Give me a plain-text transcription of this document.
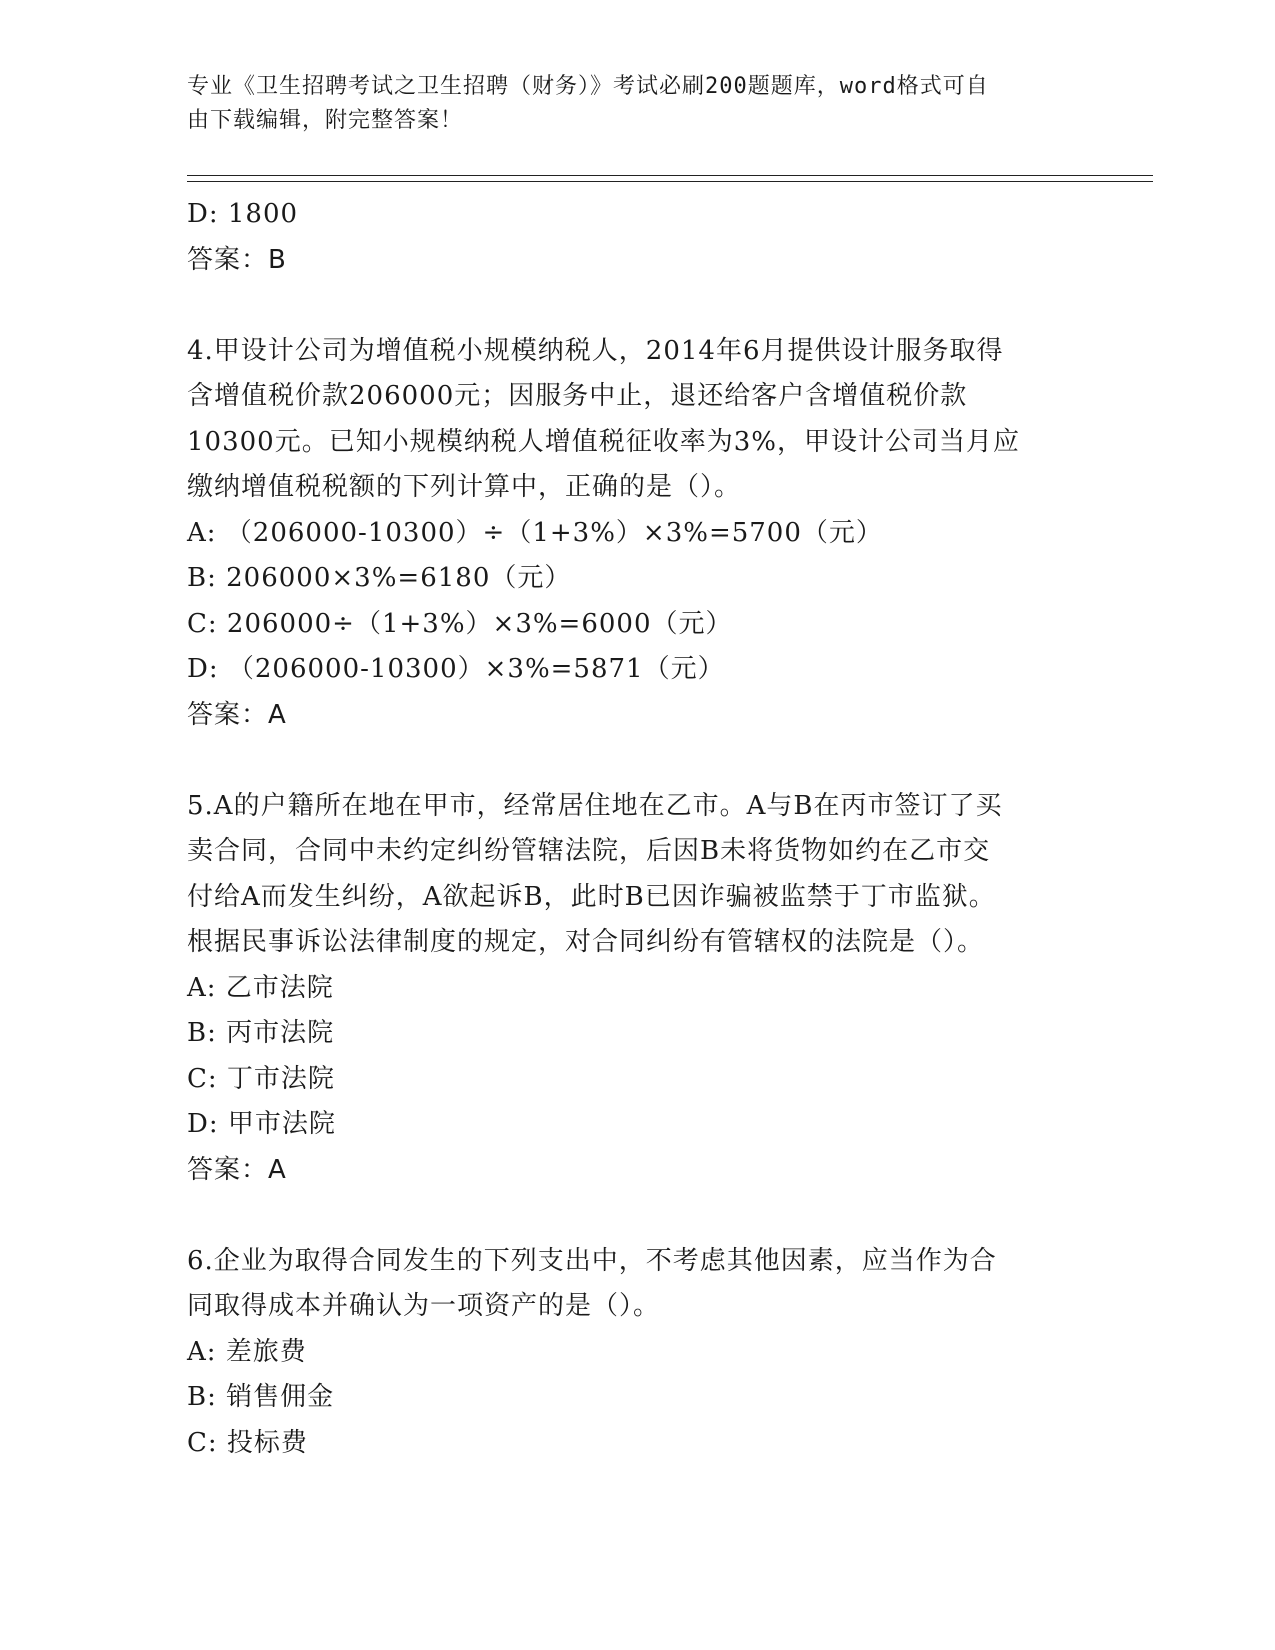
专业《卫生招聘考试之卫生招聘（财务）》考试必刷200题题库，word格式可自
由下载编辑，附完整答案！
D: 1800
答案：B
4.甲设计公司为增值税小规模纳税人，2014年6月提供设计服务取得
含增值税价款206000元；因服务中止，退还给客户含增值税价款
10300元。已知小规模纳税人增值税征收率为3%，甲设计公司当月应
缴纳增值税税额的下列计算中，正确的是（）。
A: （206000-10300）÷（1+3%）×3%=5700（元）
B: 206000×3%=6180（元）
C: 206000÷（1+3%）×3%=6000（元）
D: （206000-10300）×3%=5871（元）
答案：A
5.A的户籍所在地在甲市，经常居住地在乙市。A与B在丙市签订了买
卖合同，合同中未约定纠纷管辖法院，后因B未将货物如约在乙市交
付给A而发生纠纷，A欲起诉B，此时B已因诈骗被监禁于丁市监狱。
根据民事诉讼法律制度的规定，对合同纠纷有管辖权的法院是（）。
A: 乙市法院
B: 丙市法院
C: 丁市法院
D: 甲市法院
答案：A
6.企业为取得合同发生的下列支出中，不考虑其他因素，应当作为合
同取得成本并确认为一项资产的是（）。
A: 差旅费
B: 销售佣金
C: 投标费
